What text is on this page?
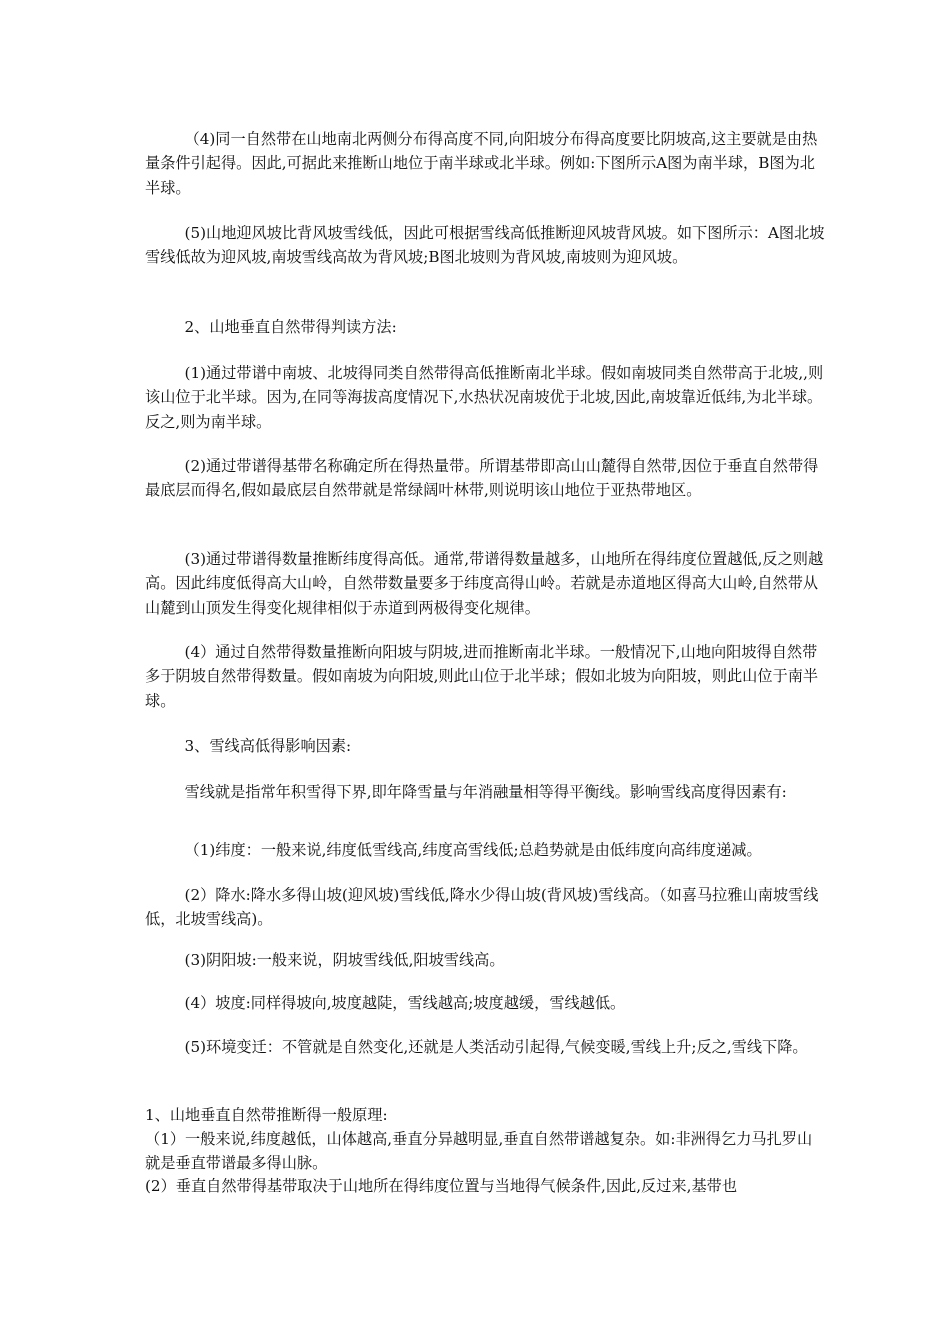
（4)同一自然带在山地南北两侧分布得高度不同,向阳坡分布得高度要比阴坡高,这主要就是由热量条件引起得。因此,可据此来推断山地位于南半球或北半球。例如:下图所示A图为南半球，B图为北半球。

(5)山地迎风坡比背风坡雪线低，因此可根据雪线高低推断迎风坡背风坡。如下图所示：A图北坡雪线低故为迎风坡,南坡雪线高故为背风坡;B图北坡则为背风坡,南坡则为迎风坡。

2、山地垂直自然带得判读方法:

(1)通过带谱中南坡、北坡得同类自然带得高低推断南北半球。假如南坡同类自然带高于北坡,,则该山位于北半球。因为,在同等海拔高度情况下,水热状况南坡优于北坡,因此,南坡靠近低纬,为北半球。反之,则为南半球。

(2)通过带谱得基带名称确定所在得热量带。所谓基带即高山山麓得自然带,因位于垂直自然带得最底层而得名,假如最底层自然带就是常绿阔叶林带,则说明该山地位于亚热带地区。

(3)通过带谱得数量推断纬度得高低。通常,带谱得数量越多，山地所在得纬度位置越低,反之则越高。因此纬度低得高大山岭，自然带数量要多于纬度高得山岭。若就是赤道地区得高大山岭,自然带从山麓到山顶发生得变化规律相似于赤道到两极得变化规律。

(4）通过自然带得数量推断向阳坡与阴坡,进而推断南北半球。一般情况下,山地向阳坡得自然带多于阴坡自然带得数量。假如南坡为向阳坡,则此山位于北半球；假如北坡为向阳坡，则此山位于南半球。

3、雪线高低得影响因素:

雪线就是指常年积雪得下界,即年降雪量与年消融量相等得平衡线。影响雪线高度得因素有:

（1)纬度：一般来说,纬度低雪线高,纬度高雪线低;总趋势就是由低纬度向高纬度递减。

(2）降水:降水多得山坡(迎风坡)雪线低,降水少得山坡(背风坡)雪线高。（如喜马拉雅山南坡雪线低，北坡雪线高)。

(3)阴阳坡:一般来说，阴坡雪线低,阳坡雪线高。

(4）坡度:同样得坡向,坡度越陡，雪线越高;坡度越缓，雪线越低。

(5)环境变迁：不管就是自然变化,还就是人类活动引起得,气候变暖,雪线上升;反之,雪线下降。

1、山地垂直自然带推断得一般原理:

（1）一般来说,纬度越低，山体越高,垂直分异越明显,垂直自然带谱越复杂。如:非洲得乞力马扎罗山就是垂直带谱最多得山脉。

(2）垂直自然带得基带取决于山地所在得纬度位置与当地得气候条件,因此,反过来,基带也
